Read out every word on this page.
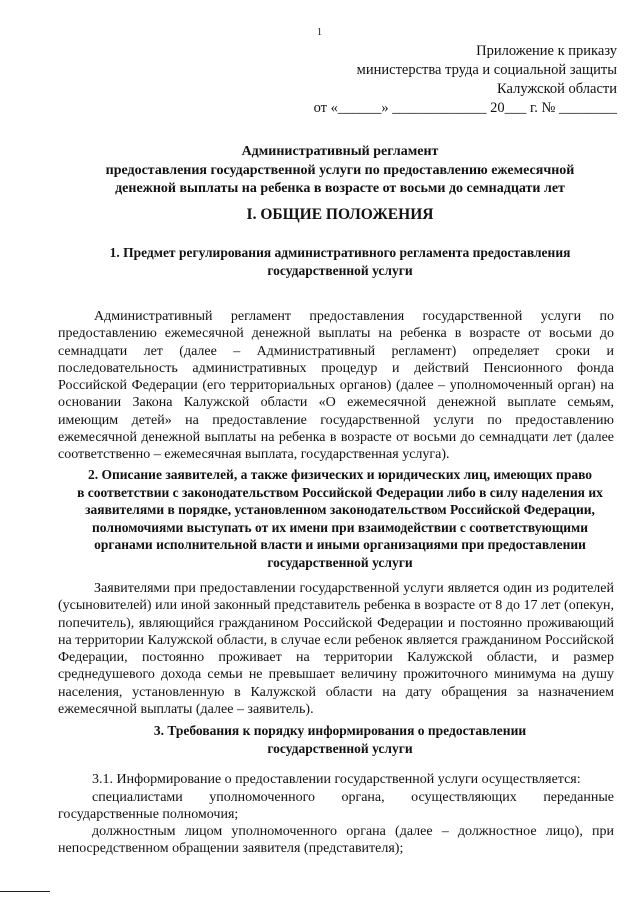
1
Приложение к приказу
министерства труда и социальной защиты
Калужской области
от «______» _____________ 20___ г. № ________
Административный регламент
предоставления государственной услуги по предоставлению ежемесячной
денежной выплаты на ребенка в возрасте от восьми до семнадцати лет
I. ОБЩИЕ ПОЛОЖЕНИЯ
1. Предмет регулирования административного регламента предоставления
государственной услуги
Административный регламент предоставления государственной услуги по предоставлению ежемесячной денежной выплаты на ребенка в возрасте от восьми до семнадцати лет (далее – Административный регламент) определяет сроки и последовательность административных процедур и действий Пенсионного фонда Российской Федерации (его территориальных органов) (далее – уполномоченный орган) на основании Закона Калужской области «О ежемесячной денежной выплате семьям, имеющим детей» на предоставление государственной услуги по предоставлению ежемесячной денежной выплаты на ребенка в возрасте от восьми до семнадцати лет (далее соответственно – ежемесячная выплата, государственная услуга).
2. Описание заявителей, а также физических и юридических лиц, имеющих право
в соответствии с законодательством Российской Федерации либо в силу наделения их
заявителями в порядке, установленном законодательством Российской Федерации,
полномочиями выступать от их имени при взаимодействии с соответствующими
органами исполнительной власти и иными организациями при предоставлении
государственной услуги
Заявителями при предоставлении государственной услуги является один из родителей (усыновителей) или иной законный представитель ребенка в возрасте от 8 до 17 лет (опекун, попечитель), являющийся гражданином Российской Федерации и постоянно проживающий на территории Калужской области, в случае если ребенок является гражданином Российской Федерации, постоянно проживает на территории Калужской области, и размер среднедушевого дохода семьи не превышает величину прожиточного минимума на душу населения, установленную в Калужской области на дату обращения за назначением ежемесячной выплаты (далее – заявитель).
3. Требования к порядку информирования о предоставлении
государственной услуги
3.1. Информирование о предоставлении государственной услуги осуществляется:
специалистами уполномоченного органа, осуществляющих переданные государственные полномочия;
должностным лицом уполномоченного органа (далее – должностное лицо), при непосредственном обращении заявителя (представителя);
